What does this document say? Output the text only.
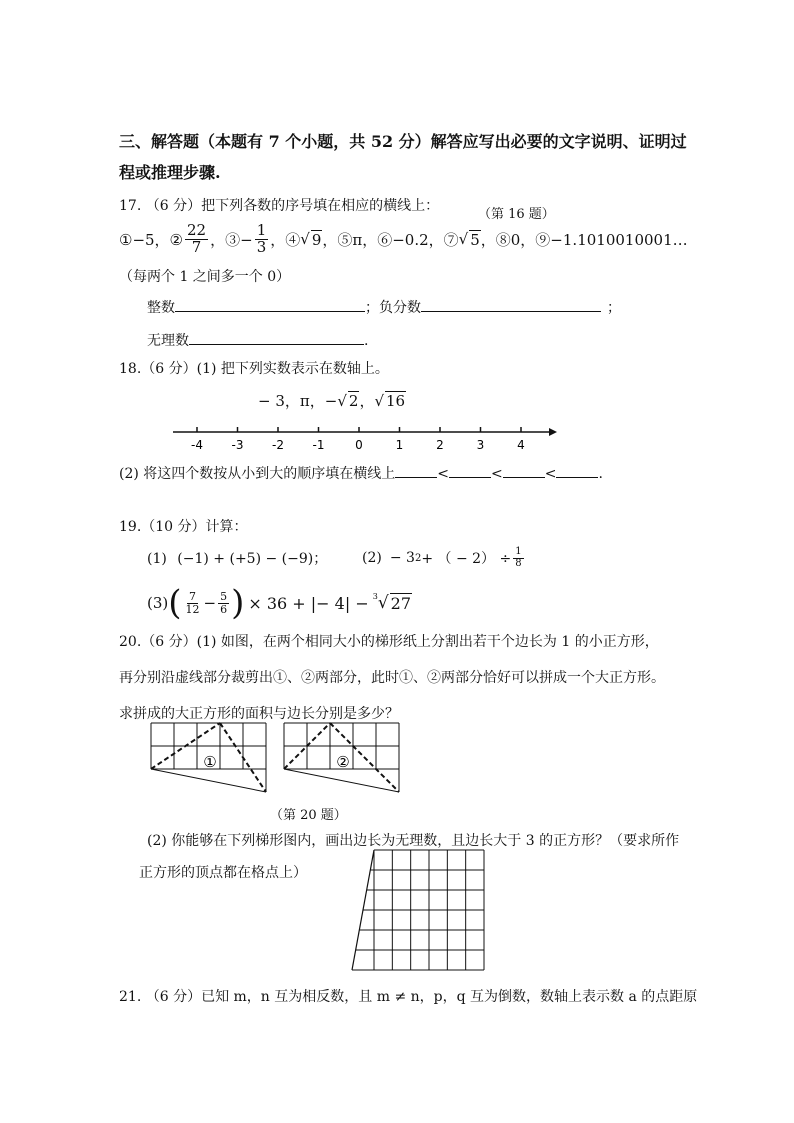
三、解答题（本题有 7 个小题，共 52 分）解答应写出必要的文字说明、证明过
程或推理步骤.
17. （6 分）把下列各数的序号填在相应的横线上：
（第 16 题）
①−5，② $\frac{22}{7}$ ，③− $\frac{1}{3}$ ，④ √ 9 ，⑤π，⑥−0.2，⑦ √ 5 ，⑧0，⑨−1.1010010001…
（每两个 1 之间多一个 0）
整数	；负分数	；
无理数	.
18.（6 分）(1) 把下列实数表示在数轴上。
− 3，π，−√ 2，√ 16
-4 -3 -2 -1	0	1	2	3	4
(2) 将这四个数按从小到大的顺序填在横线上	<	<	<	.
19.（10 分）计算：
(1) (−1) + (+5) − (−9)； (2) − 3 2 + （ − $2) \div \frac{1}{8}$
(3) ( $\frac{7}{12} - \frac{5}{6}$ ) × 36 + |− 4| − $^3$ √ 27
20.（6 分）(1) 如图，在两个相同大小的梯形纸上分割出若干个边长为 1 的小正方形，
再分别沿虚线部分裁剪出①、②两部分，此时①、②两部分恰好可以拼成一个大正方形。
求拼成的大正方形的面积与边长分别是多少？
①	②
（第 20 题）
(2) 你能够在下列梯形图内，画出边长为无理数，且边长大于 3 的正方形？（要求所作
正方形的顶点都在格点上）
21. （6 分）已知 m，n 互为相反数，且 m ≠ n，p，q 互为倒数，数轴上表示数 a 的点距原
